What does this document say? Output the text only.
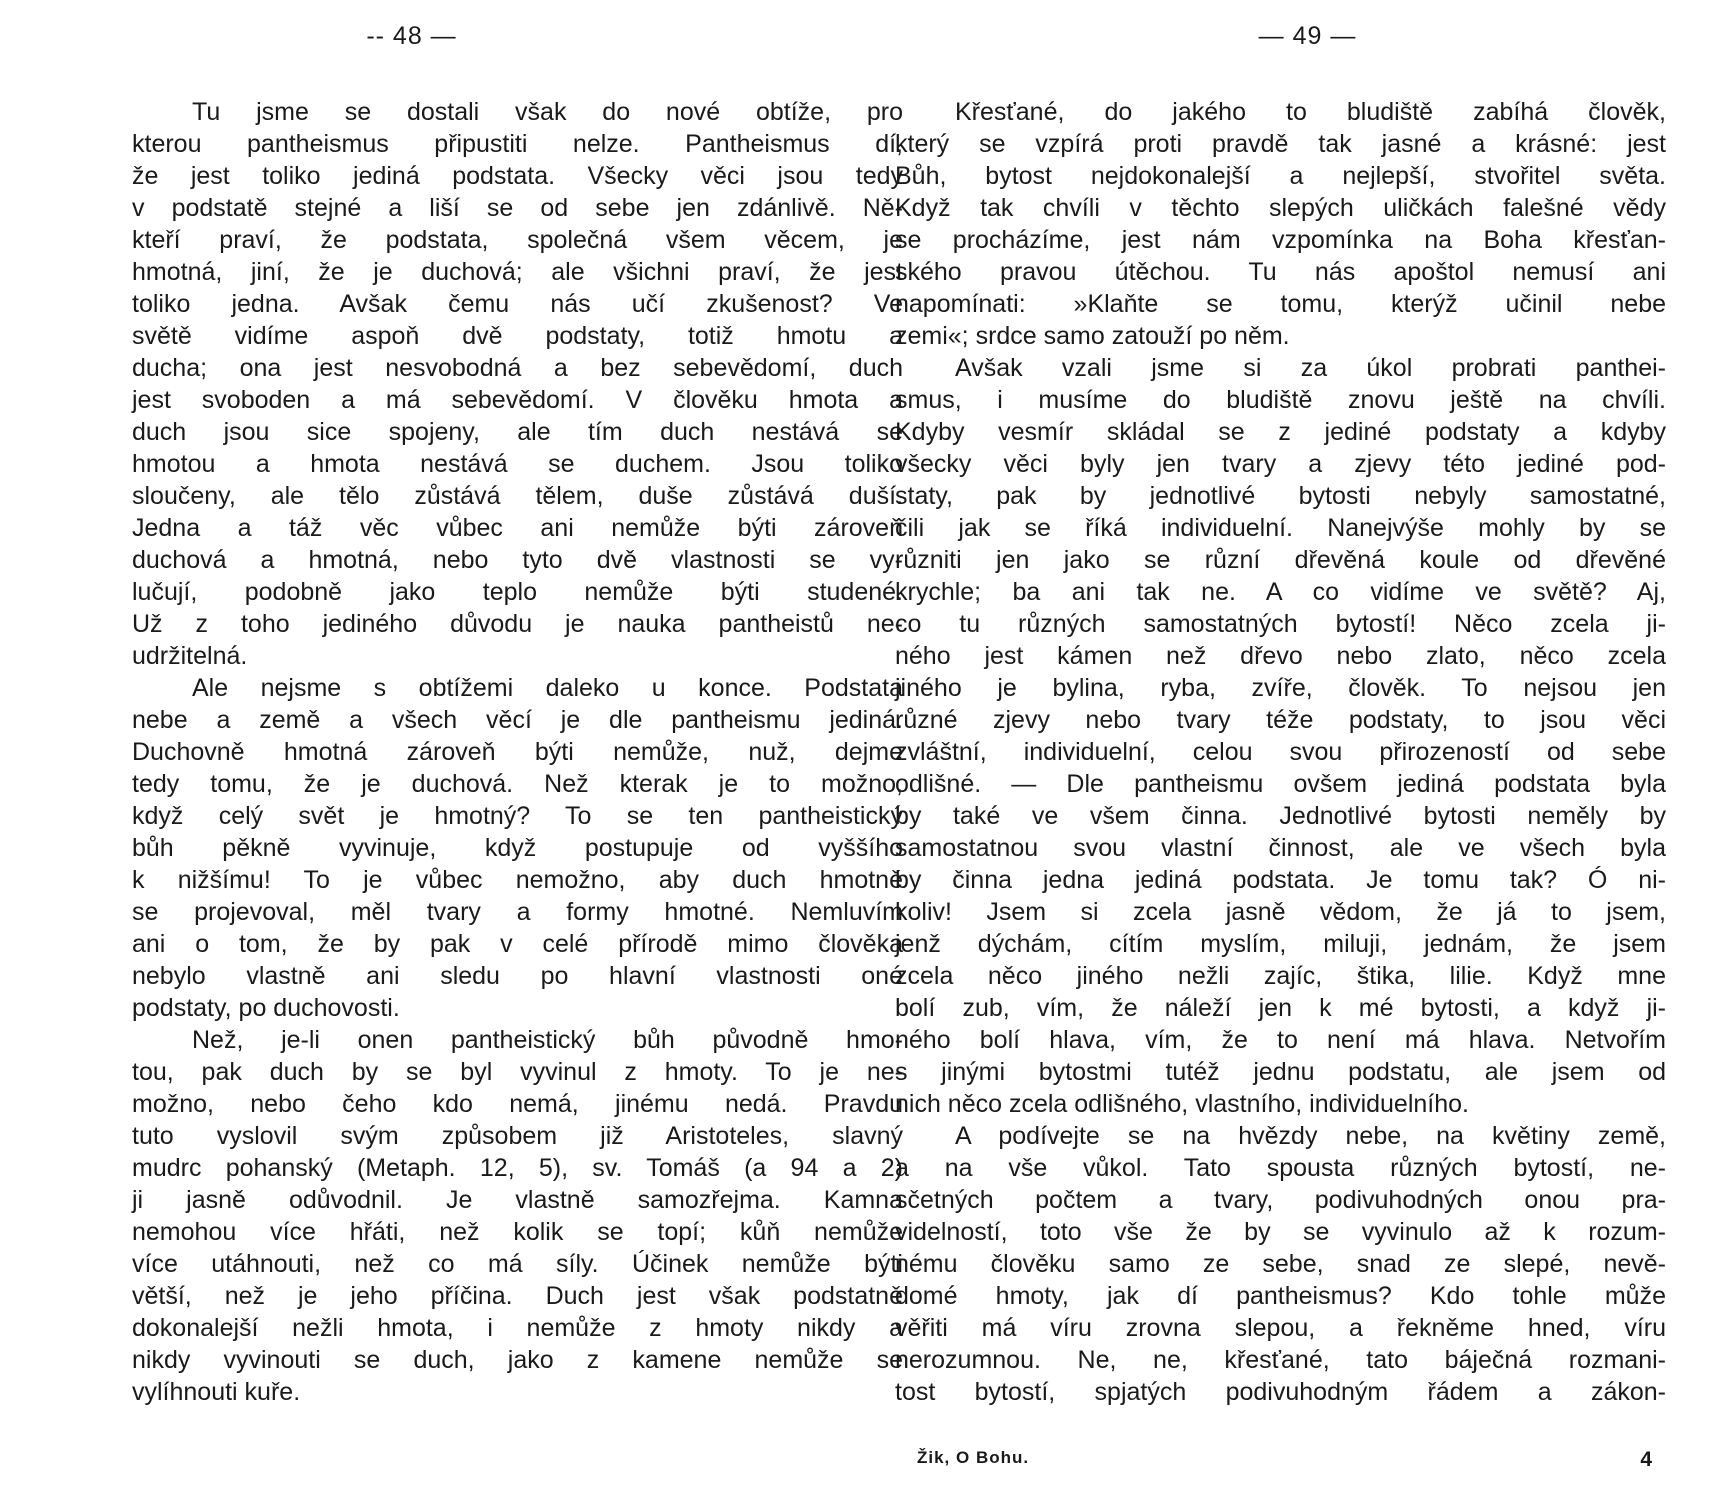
-- 48 —
Tu jsme se dostali však do nové obtíže, pro
kterou pantheismus připustiti nelze. Pantheismus dí,
že jest toliko jediná podstata. Všecky věci jsou tedy
v podstatě stejné a liší se od sebe jen zdánlivě. Ně-
kteří praví, že podstata, společná všem věcem, je
hmotná, jiní, že je duchová; ale všichni praví, že jest
toliko jedna. Avšak čemu nás učí zkušenost? Ve
světě vidíme aspoň dvě podstaty, totiž hmotu a
ducha; ona jest nesvobodná a bez sebevědomí, duch
jest svoboden a má sebevědomí. V člověku hmota a
duch jsou sice spojeny, ale tím duch nestává se
hmotou a hmota nestává se duchem. Jsou toliko
sloučeny, ale tělo zůstává tělem, duše zůstává duší.
Jedna a táž věc vůbec ani nemůže býti zároveň
duchová a hmotná, nebo tyto dvě vlastnosti se vy-
lučují, podobně jako teplo nemůže býti studené.
Už z toho jediného důvodu je nauka pantheistů ne-
udržitelná.
Ale nejsme s obtížemi daleko u konce. Podstata
nebe a země a všech věcí je dle pantheismu jediná.
Duchovně hmotná zároveň býti nemůže, nuž, dejme
tedy tomu, že je duchová. Než kterak je to možno,
když celý svět je hmotný? To se ten pantheistický
bůh pěkně vyvinuje, když postupuje od vyššího
k nižšímu! To je vůbec nemožno, aby duch hmotně
se projevoval, měl tvary a formy hmotné. Nemluvím
ani o tom, že by pak v celé přírodě mimo člověka
nebylo vlastně ani sledu po hlavní vlastnosti oné
podstaty, po duchovosti.
Než, je-li onen pantheistický bůh původně hmo-
tou, pak duch by se byl vyvinul z hmoty. To je ne-
možno, nebo čeho kdo nemá, jinému nedá. Pravdu
tuto vyslovil svým způsobem již Aristoteles, slavný
mudrc pohanský (Metaph. 12, 5), sv. Tomáš (a 94 a 2)
ji jasně odůvodnil. Je vlastně samozřejma. Kamna
nemohou více hřáti, než kolik se topí; kůň nemůže
více utáhnouti, než co má síly. Účinek nemůže býti
větší, než je jeho příčina. Duch jest však podstatně
dokonalejší nežli hmota, i nemůže z hmoty nikdy a
nikdy vyvinouti se duch, jako z kamene nemůže se
vylíhnouti kuře.
— 49 —
Křesťané, do jakého to bludiště zabíhá člověk,
který se vzpírá proti pravdě tak jasné a krásné: jest
Bůh, bytost nejdokonalejší a nejlepší, stvořitel světa.
Když tak chvíli v těchto slepých uličkách falešné vědy
se procházíme, jest nám vzpomínka na Boha křesťan-
ského pravou útěchou. Tu nás apoštol nemusí ani
napomínati: »Klaňte se tomu, kterýž učinil nebe
zemi«; srdce samo zatouží po něm.
Avšak vzali jsme si za úkol probrati panthei-
smus, i musíme do bludiště znovu ještě na chvíli.
Kdyby vesmír skládal se z jediné podstaty a kdyby
všecky věci byly jen tvary a zjevy této jediné pod-
staty, pak by jednotlivé bytosti nebyly samostatné,
čili jak se říká individuelní. Nanejvýše mohly by se
různiti jen jako se různí dřevěná koule od dřevěné
krychle; ba ani tak ne. A co vidíme ve světě? Aj,
co tu různých samostatných bytostí! Něco zcela ji-
ného jest kámen než dřevo nebo zlato, něco zcela
jiného je bylina, ryba, zvíře, člověk. To nejsou jen
různé zjevy nebo tvary téže podstaty, to jsou věci
zvláštní, individuelní, celou svou přirozeností od sebe
odlišné. — Dle pantheismu ovšem jediná podstata byla
by také ve všem činna. Jednotlivé bytosti neměly by
samostatnou svou vlastní činnost, ale ve všech byla
by činna jedna jediná podstata. Je tomu tak? Ó ni-
koliv! Jsem si zcela jasně vědom, že já to jsem,
jenž dýchám, cítím myslím, miluji, jednám, že jsem
zcela něco jiného nežli zajíc, štika, lilie. Když mne
bolí zub, vím, že náleží jen k mé bytosti, a když ji-
ného bolí hlava, vím, že to není má hlava. Netvořím
s jinými bytostmi tutéž jednu podstatu, ale jsem od
nich něco zcela odlišného, vlastního, individuelního.
A podívejte se na hvězdy nebe, na květiny země,
a na vše vůkol. Tato spousta různých bytostí, ne-
sčetných počtem a tvary, podivuhodných onou pra-
videlností, toto vše že by se vyvinulo až k rozum-
nému člověku samo ze sebe, snad ze slepé, nevě-
domé hmoty, jak dí pantheismus? Kdo tohle může
věřiti má víru zrovna slepou, a řekněme hned, víru
nerozumnou. Ne, ne, křesťané, tato báječná rozmani-
tost bytostí, spjatých podivuhodným řádem a zákon-
Žik, O Bohu.	4
